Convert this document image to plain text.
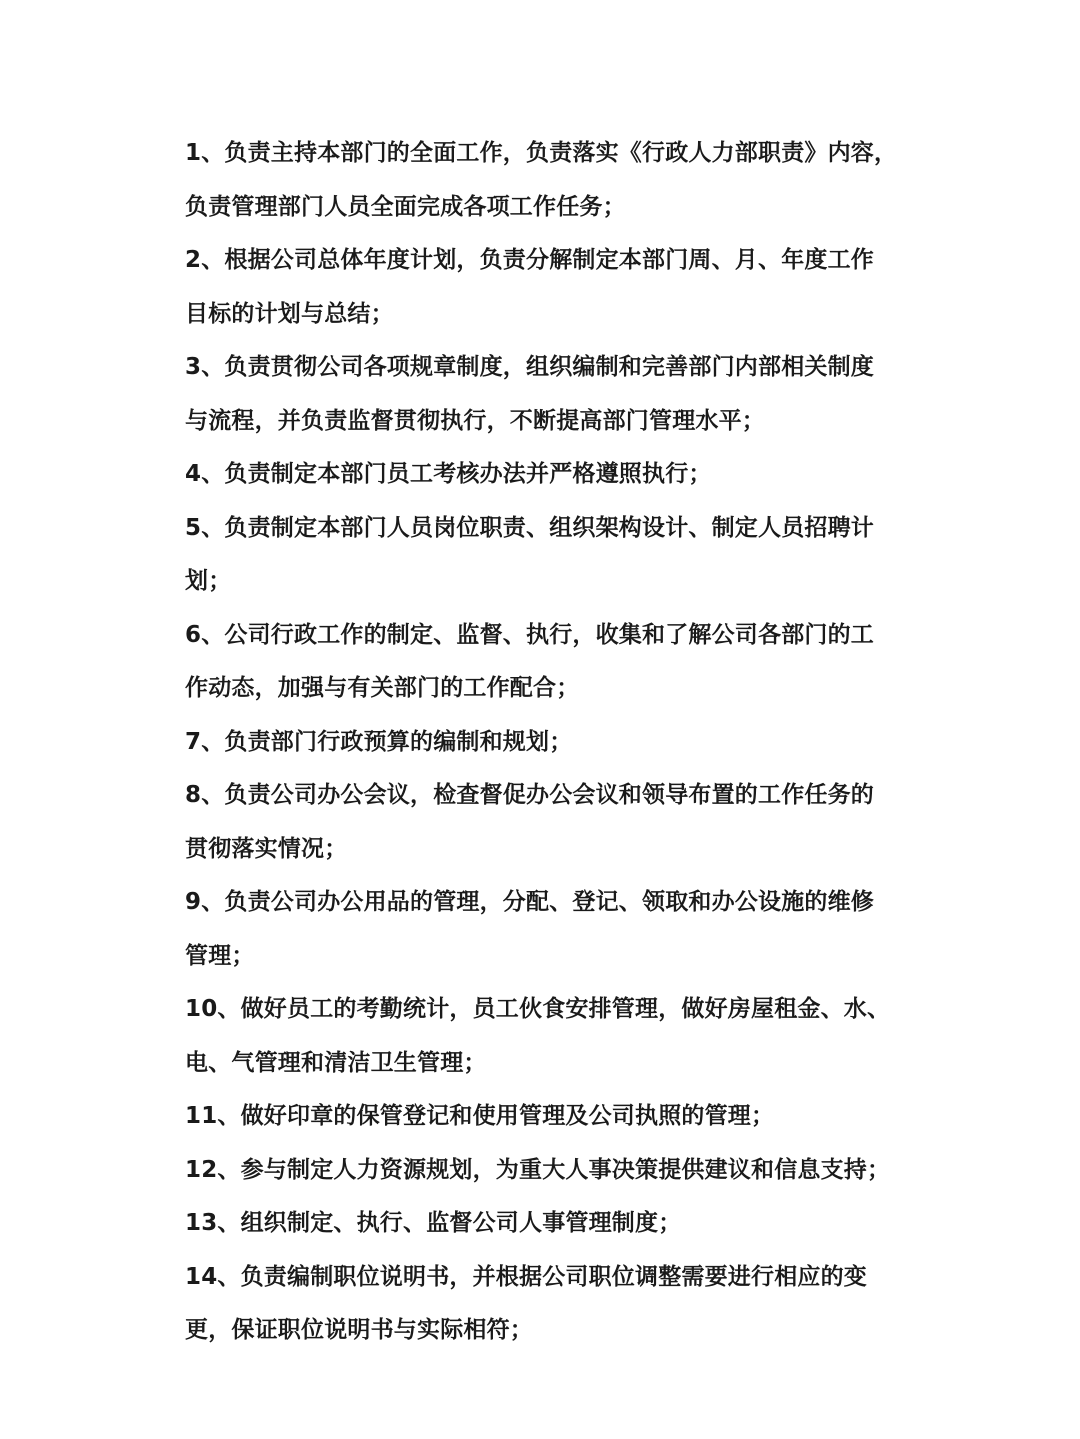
1、负责主持本部门的全面工作，负责落实《行政人力部职责》内容，
负责管理部门人员全面完成各项工作任务；
2、根据公司总体年度计划，负责分解制定本部门周、月、年度工作
目标的计划与总结；
3、负责贯彻公司各项规章制度，组织编制和完善部门内部相关制度
与流程，并负责监督贯彻执行，不断提高部门管理水平；
4、负责制定本部门员工考核办法并严格遵照执行；
5、负责制定本部门人员岗位职责、组织架构设计、制定人员招聘计划；
6、公司行政工作的制定、监督、执行，收集和了解公司各部门的工
作动态，加强与有关部门的工作配合；
7、负责部门行政预算的编制和规划；
8、负责公司办公会议，检查督促办公会议和领导布置的工作任务的
贯彻落实情况；
9、负责公司办公用品的管理，分配、登记、领取和办公设施的维修
管理；
10、做好员工的考勤统计，员工伙食安排管理，做好房屋租金、水、
电、气管理和清洁卫生管理；
11、做好印章的保管登记和使用管理及公司执照的管理；
12、参与制定人力资源规划，为重大人事决策提供建议和信息支持；
13、组织制定、执行、监督公司人事管理制度；
14、负责编制职位说明书，并根据公司职位调整需要进行相应的变
更，保证职位说明书与实际相符；
